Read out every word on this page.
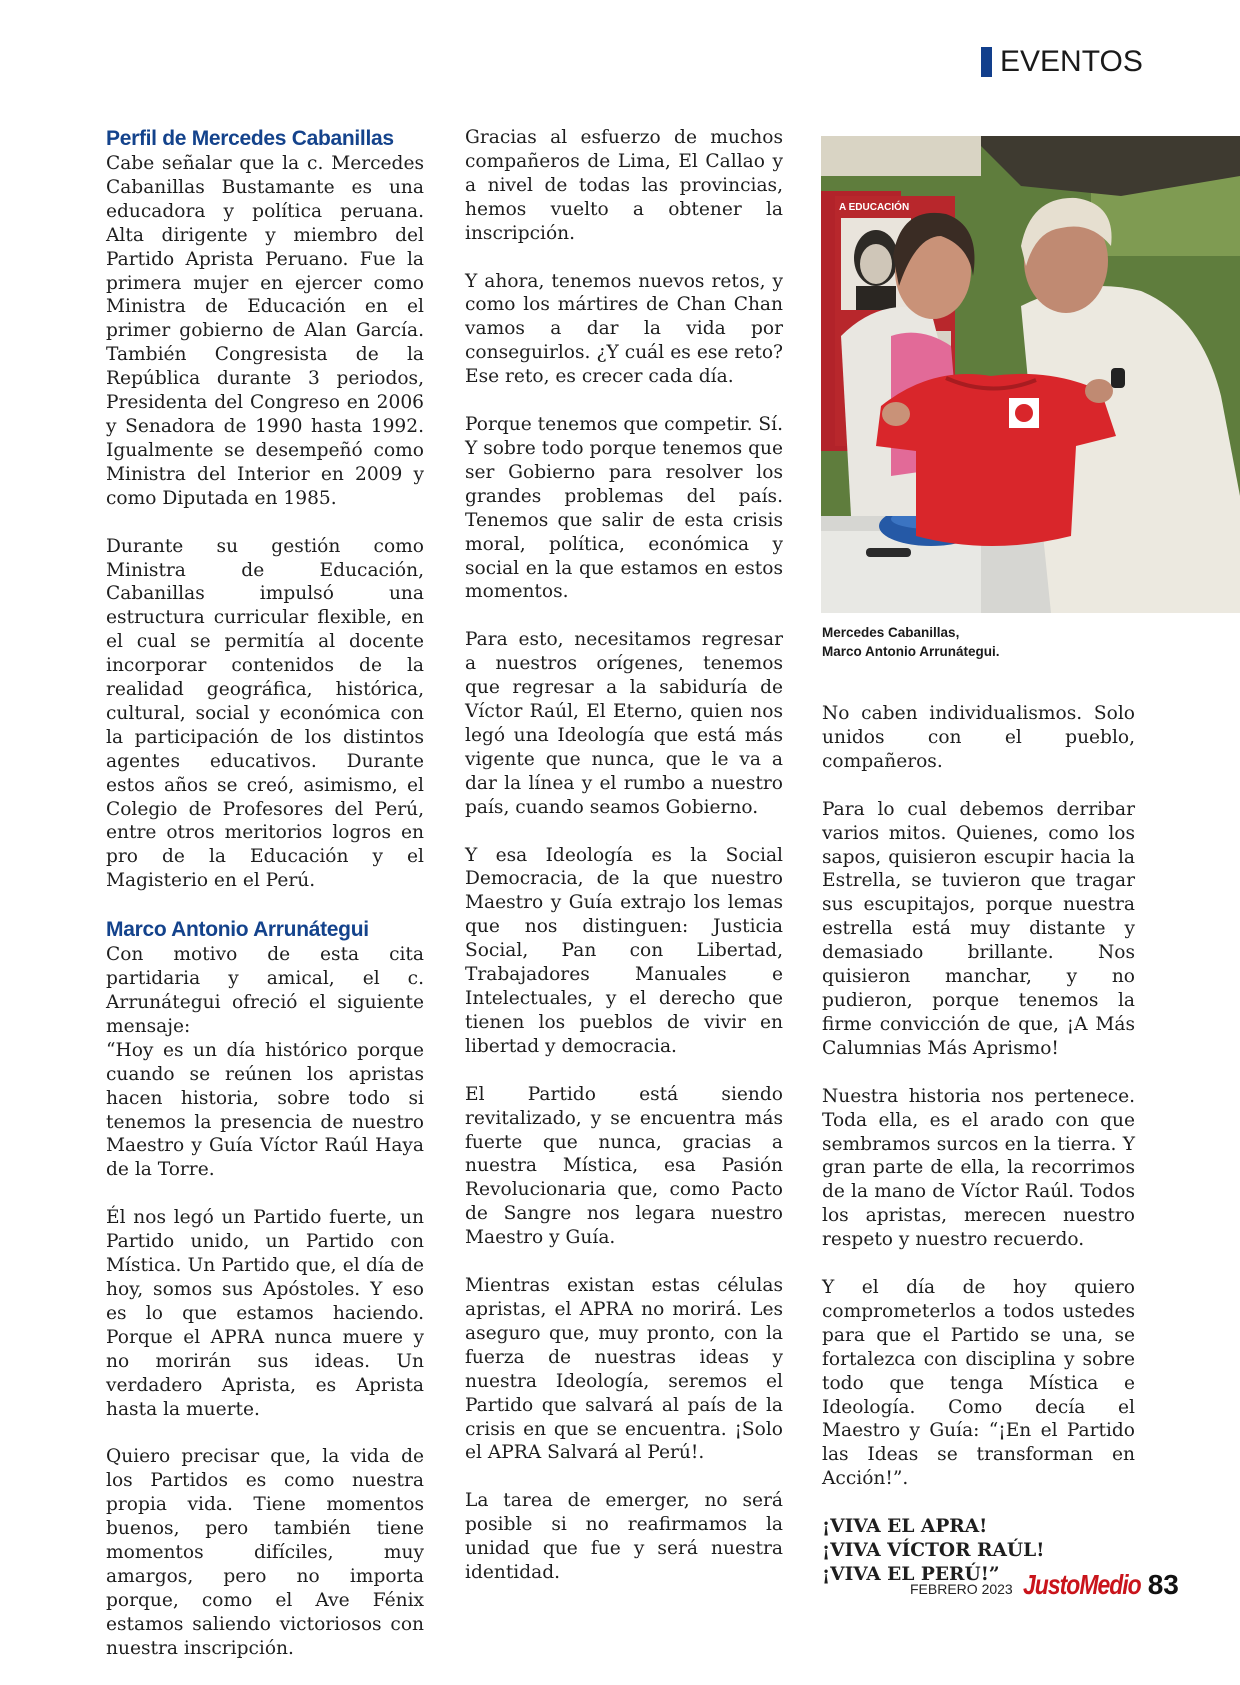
EVENTOS
Perfil de Mercedes Cabanillas

Cabe señalar que la c. Mercedes Cabanillas Bustamante es una educadora y política peruana. Alta dirigente y miembro del Partido Aprista Peruano. Fue la primera mujer en ejercer como Ministra de Educación en el primer gobierno de Alan García. También Congresista de la República durante 3 periodos, Presidenta del Congreso en 2006 y Senadora de 1990 hasta 1992. Igualmente se desempeñó como Ministra del Interior en 2009 y como Diputada en 1985.

Durante su gestión como Ministra de Educación, Cabanillas impulsó una estructura curricular flexible, en el cual se permitía al docente incorporar contenidos de la realidad geográfica, histórica, cultural, social y económica con la participación de los distintos agentes educativos. Durante estos años se creó, asimismo, el Colegio de Profesores del Perú, entre otros meritorios logros en pro de la Educación y el Magisterio en el Perú.

Marco Antonio Arrunátegui

Con motivo de esta cita partidaria y amical, el c. Arrunátegui ofreció el siguiente mensaje:

“Hoy es un día histórico porque cuando se reúnen los apristas hacen historia, sobre todo si tenemos la presencia de nuestro Maestro y Guía Víctor Raúl Haya de la Torre.

Él nos legó un Partido fuerte, un Partido unido, un Partido con Mística. Un Partido que, el día de hoy, somos sus Apóstoles. Y eso es lo que estamos haciendo. Porque el APRA nunca muere y no morirán sus ideas. Un verdadero Aprista, es Aprista hasta la muerte.

Quiero precisar que, la vida de los Partidos es como nuestra propia vida. Tiene momentos buenos, pero también tiene momentos difíciles, muy amargos, pero no importa porque, como el Ave Fénix estamos saliendo victoriosos con nuestra inscripción.

Gracias al esfuerzo de muchos compañeros de Lima, El Callao y a nivel de todas las provincias, hemos vuelto a obtener la inscripción.

Y ahora, tenemos nuevos retos, y como los mártires de Chan Chan vamos a dar la vida por conseguirlos. ¿Y cuál es ese reto? Ese reto, es crecer cada día.

Porque tenemos que competir. Sí. Y sobre todo porque tenemos que ser Gobierno para resolver los grandes problemas del país. Tenemos que salir de esta crisis moral, política, económica y social en la que estamos en estos momentos.

Para esto, necesitamos regresar a nuestros orígenes, tenemos que regresar a la sabiduría de Víctor Raúl, El Eterno, quien nos legó una Ideología que está más vigente que nunca, que le va a dar la línea y el rumbo a nuestro país, cuando seamos Gobierno.

Y esa Ideología es la Social Democracia, de la que nuestro Maestro y Guía extrajo los lemas que nos distinguen: Justicia Social, Pan con Libertad, Trabajadores Manuales e Intelectuales, y el derecho que tienen los pueblos de vivir en libertad y democracia.

El Partido está siendo revitalizado, y se encuentra más fuerte que nunca, gracias a nuestra Mística, esa Pasión Revolucionaria que, como Pacto de Sangre nos legara nuestro Maestro y Guía.

Mientras existan estas células apristas, el APRA no morirá. Les aseguro que, muy pronto, con la fuerza de nuestras ideas y nuestra Ideología, seremos el Partido que salvará al país de la crisis en que se encuentra. ¡Solo el APRA Salvará al Perú!.

La tarea de emerger, no será posible si no reafirmamos la unidad que fue y será nuestra identidad.

A EDUCACIÓN
Mercedes Cabanillas,
Marco Antonio Arrunátegui.

No caben individualismos. Solo unidos con el pueblo, compañeros.

Para lo cual debemos derribar varios mitos. Quienes, como los sapos, quisieron escupir hacia la Estrella, se tuvieron que tragar sus escupitajos, porque nuestra estrella está muy distante y demasiado brillante. Nos quisieron manchar, y no pudieron, porque tenemos la firme convicción de que, ¡A Más Calumnias Más Aprismo!

Nuestra historia nos pertenece. Toda ella, es el arado con que sembramos surcos en la tierra. Y gran parte de ella, la recorrimos de la mano de Víctor Raúl. Todos los apristas, merecen nuestro respeto y nuestro recuerdo.

Y el día de hoy quiero comprometerlos a todos ustedes para que el Partido se una, se fortalezca con disciplina y sobre todo que tenga Mística e Ideología. Como decía el Maestro y Guía: “¡En el Partido las Ideas se transforman en Acción!”.

¡VIVA EL APRA!
¡VIVA VÍCTOR RAÚL!
¡VIVA EL PERÚ!”
FEBRERO 2023 JustoMedio 83
